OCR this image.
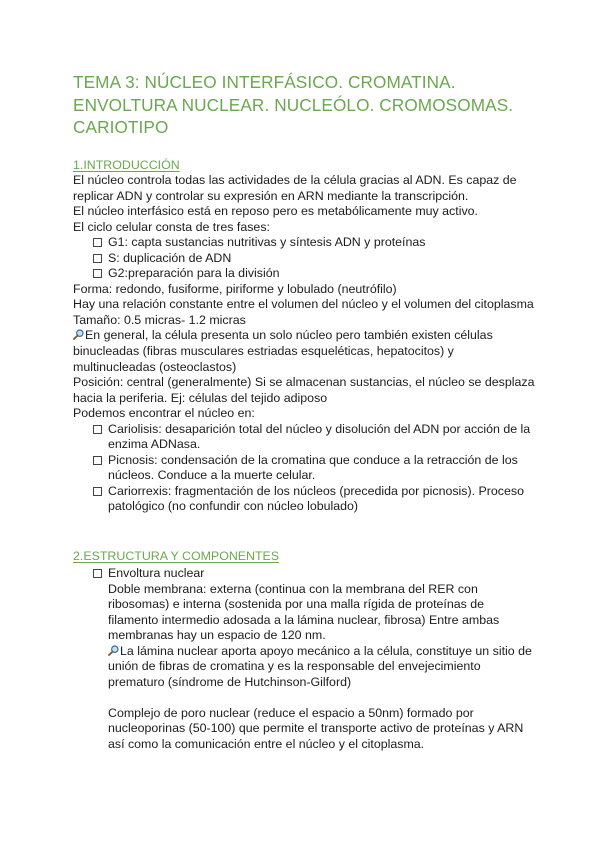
TEMA 3: NÚCLEO INTERFÁSICO. CROMATINA.
ENVOLTURA NUCLEAR. NUCLEÓLO. CROMOSOMAS.
CARIOTIPO
1.INTRODUCCIÓN
El núcleo controla todas las actividades de la célula gracias al ADN. Es capaz de
replicar ADN y controlar su expresión en ARN mediante la transcripción.
El núcleo interfásico está en reposo pero es metabólicamente muy activo.
El ciclo celular consta de tres fases:
G1: capta sustancias nutritivas y síntesis ADN y proteínas
S: duplicación de ADN
G2:preparación para la división
Forma: redondo, fusiforme, piriforme y lobulado (neutrófilo)
Hay una relación constante entre el volumen del núcleo y el volumen del citoplasma
Tamaño: 0.5 micras- 1.2 micras
En general, la célula presenta un solo núcleo pero también existen células
binucleadas (fibras musculares estriadas esqueléticas, hepatocitos) y
multinucleadas (osteoclastos)
Posición: central (generalmente) Si se almacenan sustancias, el núcleo se desplaza
hacia la periferia. Ej: células del tejido adiposo
Podemos encontrar el núcleo en:
Cariolisis: desaparición total del núcleo y disolución del ADN por acción de la
enzima ADNasa.
Picnosis: condensación de la cromatina que conduce a la retracción de los
núcleos. Conduce a la muerte celular.
Cariorrexis: fragmentación de los núcleos (precedida por picnosis). Proceso
patológico (no confundir con núcleo lobulado)
2.ESTRUCTURA Y COMPONENTES
Envoltura nuclear
Doble membrana: externa (continua con la membrana del RER con
ribosomas) e interna (sostenida por una malla rígida de proteínas de
filamento intermedio adosada a la lámina nuclear, fibrosa) Entre ambas
membranas hay un espacio de 120 nm.
La lámina nuclear aporta apoyo mecánico a la célula, constituye un sitio de
unión de fibras de cromatina y es la responsable del envejecimiento
prematuro (síndrome de Hutchinson-Gilford)
Complejo de poro nuclear (reduce el espacio a 50nm) formado por
nucleoporinas (50-100) que permite el transporte activo de proteínas y ARN
así como la comunicación entre el núcleo y el citoplasma.
